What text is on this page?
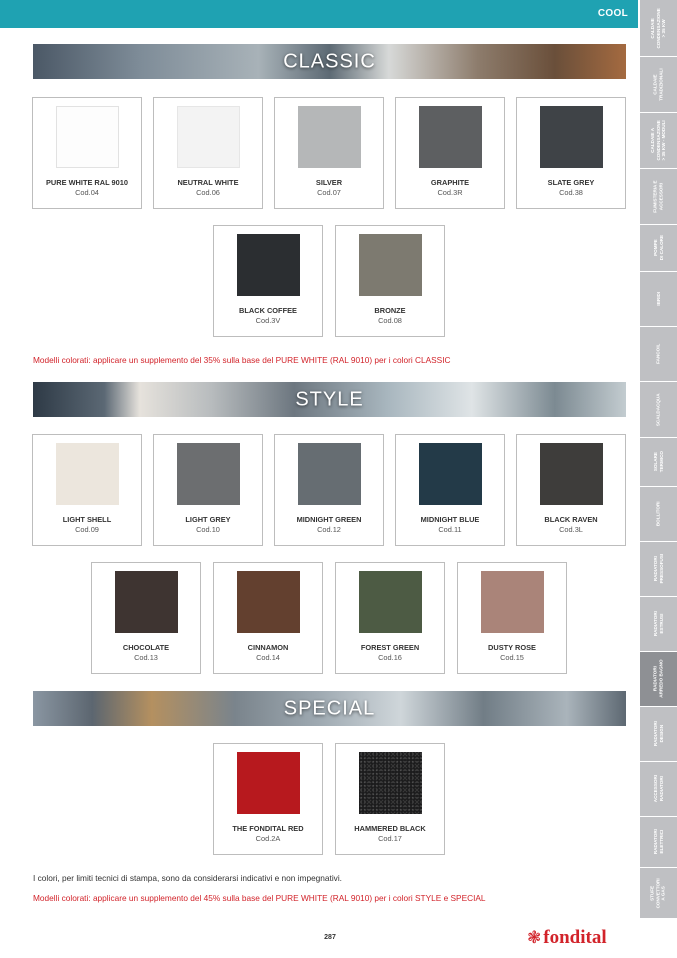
COOL
CALDAIE
CONDENSAZIONE
> 35 KW
CALDAIE
TRADIZIONALI
CALDAIE A
CONDENSAZIONE
> 35 KW - MODULI
FUMISTERIA E
ACCESSORI
POMPE
DI CALORE
IBRIDI
FANCOIL
SCALDACQUA
SOLARE
TERMICO
BOLLITORI
RADIATORI
PRESSOFUSI
RADIATORI
ESTRUSI
RADIATORI
ARREDO BAGNO
RADIATORI
DESIGN
ACCESSORI
RADIATORI
RADIATORI
ELETTRICI
STUFE
CONVETTORI
A GAS
CLASSIC
PURE WHITE RAL 9010
Cod.04
NEUTRAL WHITE
Cod.06
SILVER
Cod.07
GRAPHITE
Cod.3R
SLATE GREY
Cod.38
BLACK COFFEE
Cod.3V
BRONZE
Cod.08
Modelli colorati: applicare un supplemento del 35% sulla base del PURE WHITE (RAL 9010) per i colori CLASSIC
STYLE
LIGHT SHELL
Cod.09
LIGHT GREY
Cod.10
MIDNIGHT GREEN
Cod.12
MIDNIGHT BLUE
Cod.11
BLACK RAVEN
Cod.3L
CHOCOLATE
Cod.13
CINNAMON
Cod.14
FOREST GREEN
Cod.16
DUSTY ROSE
Cod.15
SPECIAL
THE FONDITAL RED
Cod.2A
HAMMERED BLACK
Cod.17
I colori, per limiti tecnici di stampa, sono da considerarsi indicativi e non impegnativi.
Modelli colorati: applicare un supplemento del 45% sulla base del PURE WHITE (RAL 9010) per i colori STYLE e SPECIAL
287	❃ fondital
